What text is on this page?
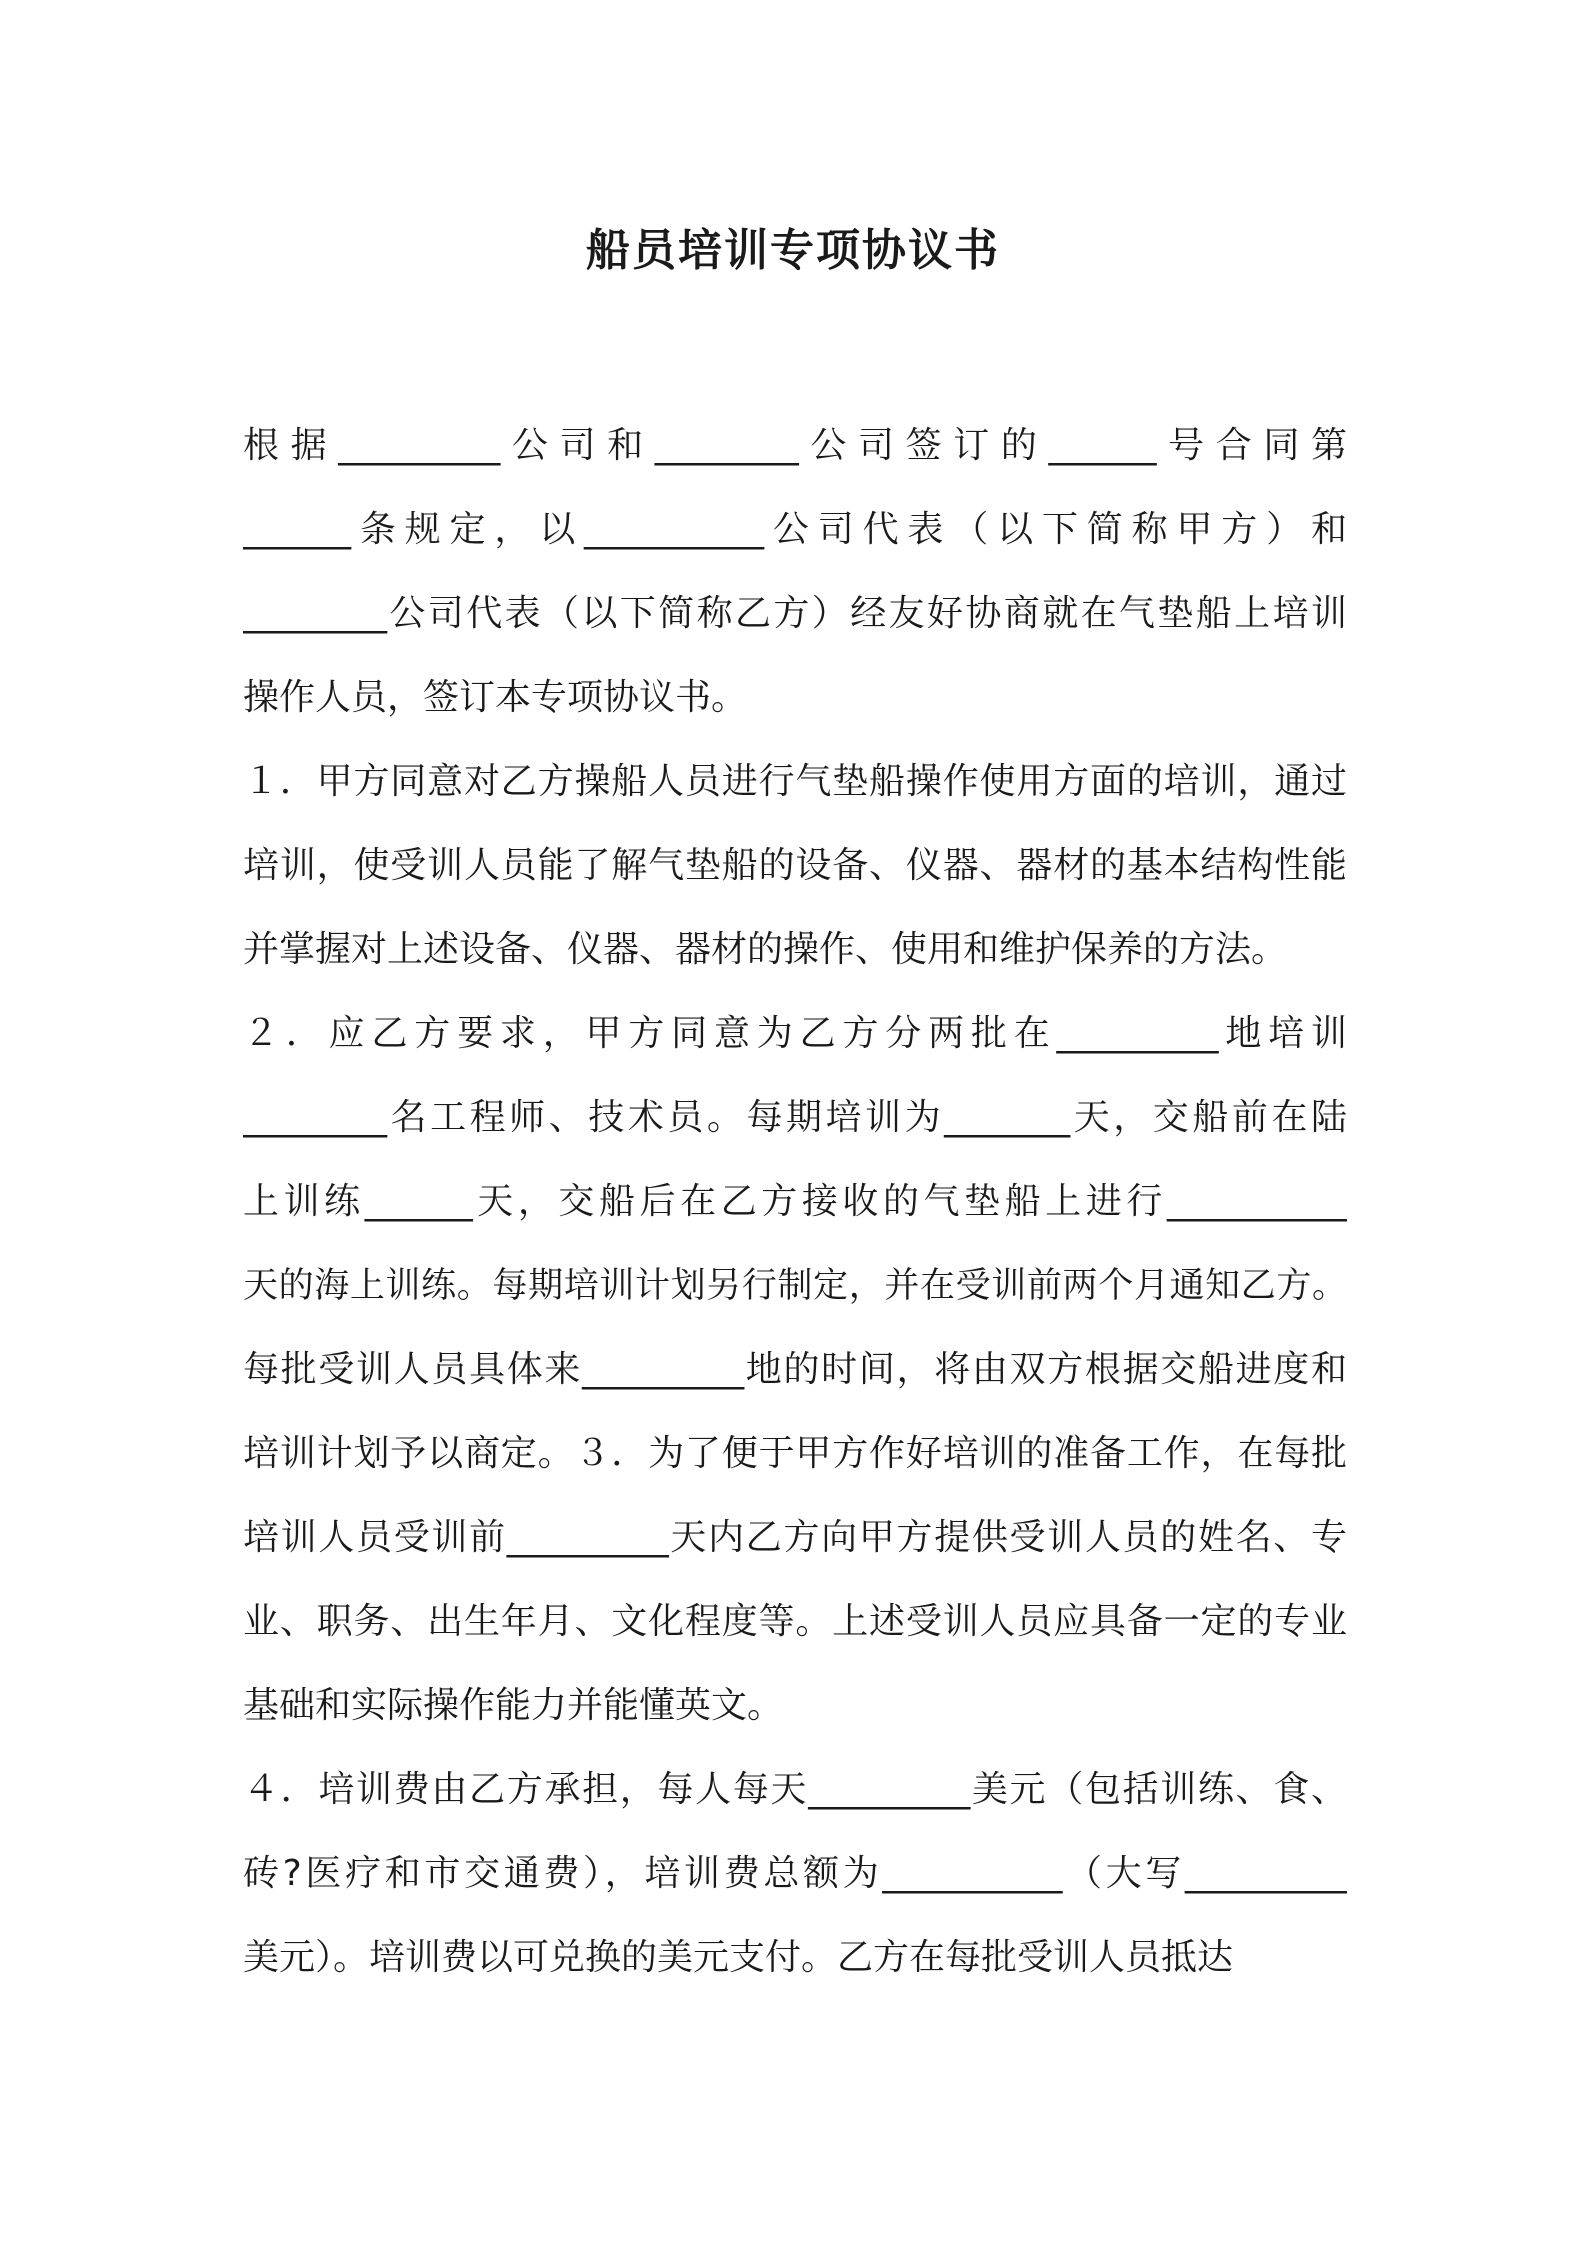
船员培训专项协议书
根据_________公司和________公司签订的______号合同第
______条规定，以__________公司代表（以下简称甲方）和
________公司代表（以下简称乙方）经友好协商就在气垫船上培训
操作人员，签订本专项协议书。
１．甲方同意对乙方操船人员进行气垫船操作使用方面的培训，通过
培训，使受训人员能了解气垫船的设备、仪器、器材的基本结构性能
并掌握对上述设备、仪器、器材的操作、使用和维护保养的方法。
２．应乙方要求，甲方同意为乙方分两批在_________地培训
________名工程师、技术员。每期培训为_______天，交船前在陆
上训练______天，交船后在乙方接收的气垫船上进行__________
天的海上训练。每期培训计划另行制定，并在受训前两个月通知乙方。
每批受训人员具体来_________地的时间，将由双方根据交船进度和
培训计划予以商定。３．为了便于甲方作好培训的准备工作，在每批
培训人员受训前_________天内乙方向甲方提供受训人员的姓名、专
业、职务、出生年月、文化程度等。上述受训人员应具备一定的专业
基础和实际操作能力并能懂英文。
４．培训费由乙方承担，每人每天_________美元（包括训练、食、
砖?医疗和市交通费），培训费总额为__________（大写_________
美元）。培训费以可兑换的美元支付。乙方在每批受训人员抵达
